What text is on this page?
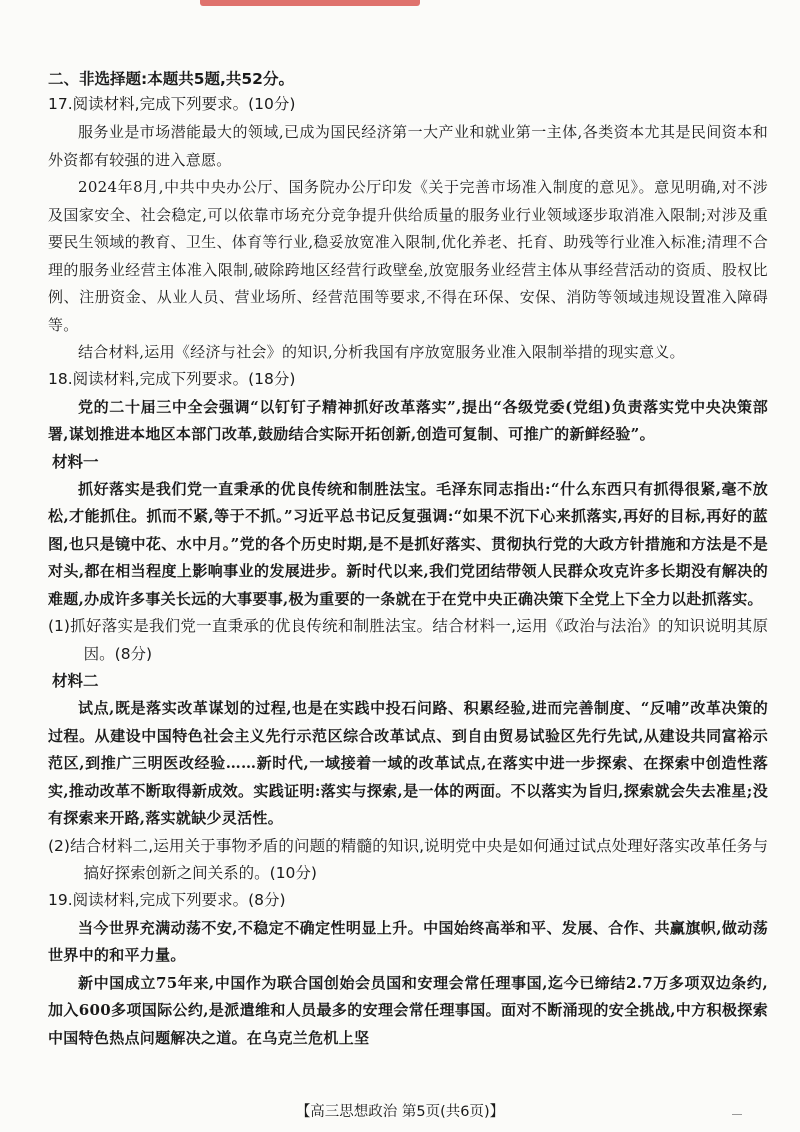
二、非选择题:本题共5题,共52分。

17.阅读材料,完成下列要求。(10分)

服务业是市场潜能最大的领域,已成为国民经济第一大产业和就业第一主体,各类资本尤其是民间资本和外资都有较强的进入意愿。

2024年8月,中共中央办公厅、国务院办公厅印发《关于完善市场准入制度的意见》。意见明确,对不涉及国家安全、社会稳定,可以依靠市场充分竞争提升供给质量的服务业行业领域逐步取消准入限制;对涉及重要民生领域的教育、卫生、体育等行业,稳妥放宽准入限制,优化养老、托育、助残等行业准入标准;清理不合理的服务业经营主体准入限制,破除跨地区经营行政壁垒,放宽服务业经营主体从事经营活动的资质、股权比例、注册资金、从业人员、营业场所、经营范围等要求,不得在环保、安保、消防等领域违规设置准入障碍等。

结合材料,运用《经济与社会》的知识,分析我国有序放宽服务业准入限制举措的现实意义。

18.阅读材料,完成下列要求。(18分)

党的二十届三中全会强调“以钉钉子精神抓好改革落实”,提出“各级党委(党组)负责落实党中央决策部署,谋划推进本地区本部门改革,鼓励结合实际开拓创新,创造可复制、可推广的新鲜经验”。

材料一

抓好落实是我们党一直秉承的优良传统和制胜法宝。毛泽东同志指出:“什么东西只有抓得很紧,毫不放松,才能抓住。抓而不紧,等于不抓。”习近平总书记反复强调:“如果不沉下心来抓落实,再好的目标,再好的蓝图,也只是镜中花、水中月。”党的各个历史时期,是不是抓好落实、贯彻执行党的大政方针措施和方法是不是对头,都在相当程度上影响事业的发展进步。新时代以来,我们党团结带领人民群众攻克许多长期没有解决的难题,办成许多事关长远的大事要事,极为重要的一条就在于在党中央正确决策下全党上下全力以赴抓落实。

(1)抓好落实是我们党一直秉承的优良传统和制胜法宝。结合材料一,运用《政治与法治》的知识说明其原因。(8分)

材料二

试点,既是落实改革谋划的过程,也是在实践中投石问路、积累经验,进而完善制度、“反哺”改革决策的过程。从建设中国特色社会主义先行示范区综合改革试点、到自由贸易试验区先行先试,从建设共同富裕示范区,到推广三明医改经验……新时代,一域接着一域的改革试点,在落实中进一步探索、在探索中创造性落实,推动改革不断取得新成效。实践证明:落实与探索,是一体的两面。不以落实为旨归,探索就会失去准星;没有探索来开路,落实就缺少灵活性。

(2)结合材料二,运用关于事物矛盾的问题的精髓的知识,说明党中央是如何通过试点处理好落实改革任务与搞好探索创新之间关系的。(10分)

19.阅读材料,完成下列要求。(8分)

当今世界充满动荡不安,不稳定不确定性明显上升。中国始终高举和平、发展、合作、共赢旗帜,做动荡世界中的和平力量。

新中国成立75年来,中国作为联合国创始会员国和安理会常任理事国,迄今已缔结2.7万多项双边条约,加入600多项国际公约,是派遣维和人员最多的安理会常任理事国。面对不断涌现的安全挑战,中方积极探索中国特色热点问题解决之道。在乌克兰危机上坚

【高三思想政治 第5页(共6页)】
